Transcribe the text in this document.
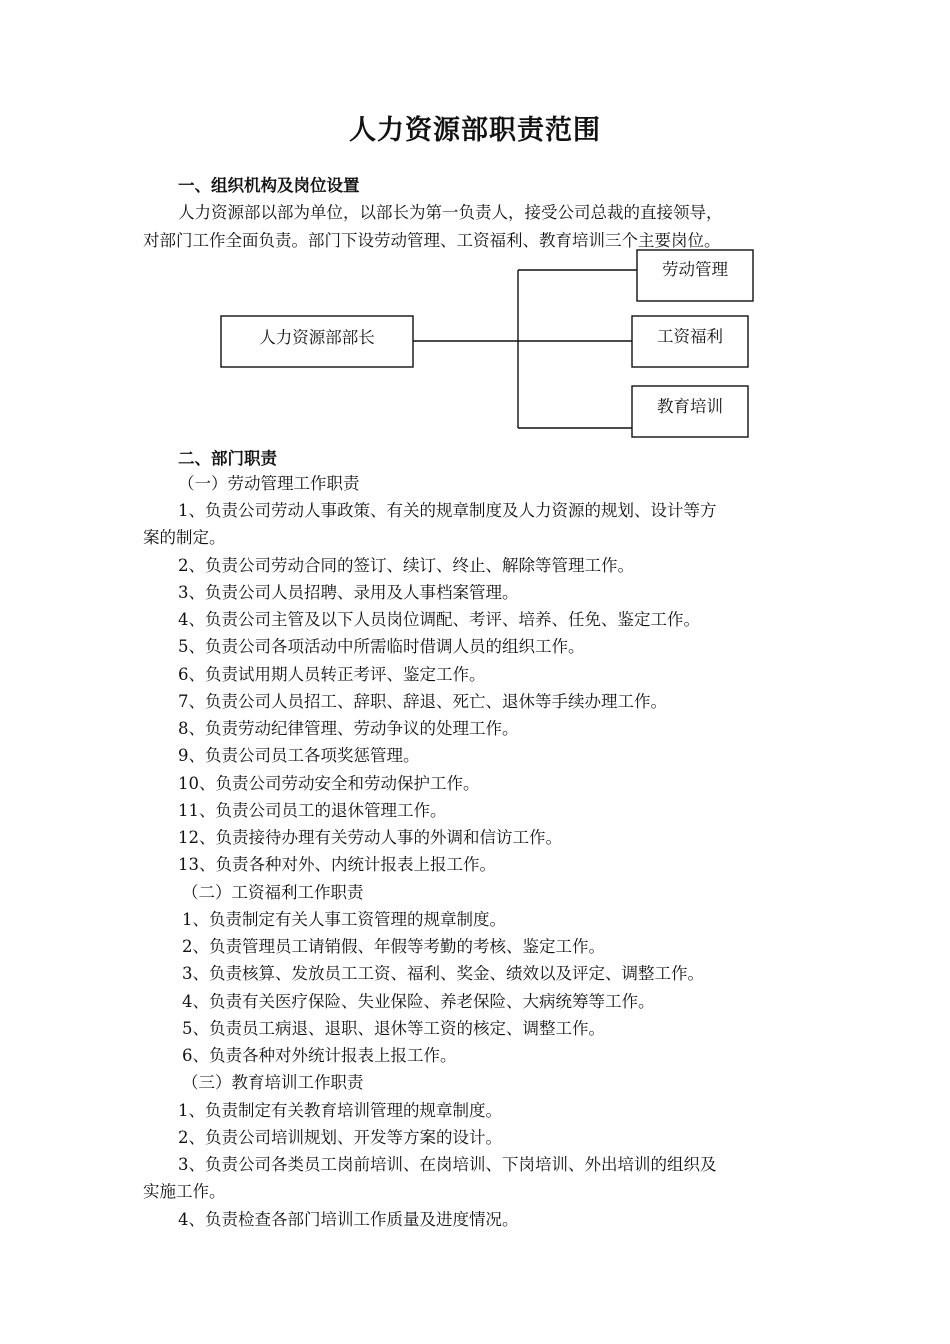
人力资源部职责范围
一、组织机构及岗位设置
人力资源部以部为单位，以部长为第一负责人，接受公司总裁的直接领导，
对部门工作全面负责。部门下设劳动管理、工资福利、教育培训三个主要岗位。
人力资源部部长
劳动管理
工资福利
教育培训
二、部门职责
（一）劳动管理工作职责
1、负责公司劳动人事政策、有关的规章制度及人力资源的规划、设计等方
案的制定。
2、负责公司劳动合同的签订、续订、终止、解除等管理工作。
3、负责公司人员招聘、录用及人事档案管理。
4、负责公司主管及以下人员岗位调配、考评、培养、任免、鉴定工作。
5、负责公司各项活动中所需临时借调人员的组织工作。
6、负责试用期人员转正考评、鉴定工作。
7、负责公司人员招工、辞职、辞退、死亡、退休等手续办理工作。
8、负责劳动纪律管理、劳动争议的处理工作。
9、负责公司员工各项奖惩管理。
10、负责公司劳动安全和劳动保护工作。
11、负责公司员工的退休管理工作。
12、负责接待办理有关劳动人事的外调和信访工作。
13、负责各种对外、内统计报表上报工作。
（二）工资福利工作职责
1、负责制定有关人事工资管理的规章制度。
2、负责管理员工请销假、年假等考勤的考核、鉴定工作。
3、负责核算、发放员工工资、福利、奖金、绩效以及评定、调整工作。
4、负责有关医疗保险、失业保险、养老保险、大病统筹等工作。
5、负责员工病退、退职、退休等工资的核定、调整工作。
6、负责各种对外统计报表上报工作。
（三）教育培训工作职责
1、负责制定有关教育培训管理的规章制度。
2、负责公司培训规划、开发等方案的设计。
3、负责公司各类员工岗前培训、在岗培训、下岗培训、外出培训的组织及
实施工作。
4、负责检查各部门培训工作质量及进度情况。
